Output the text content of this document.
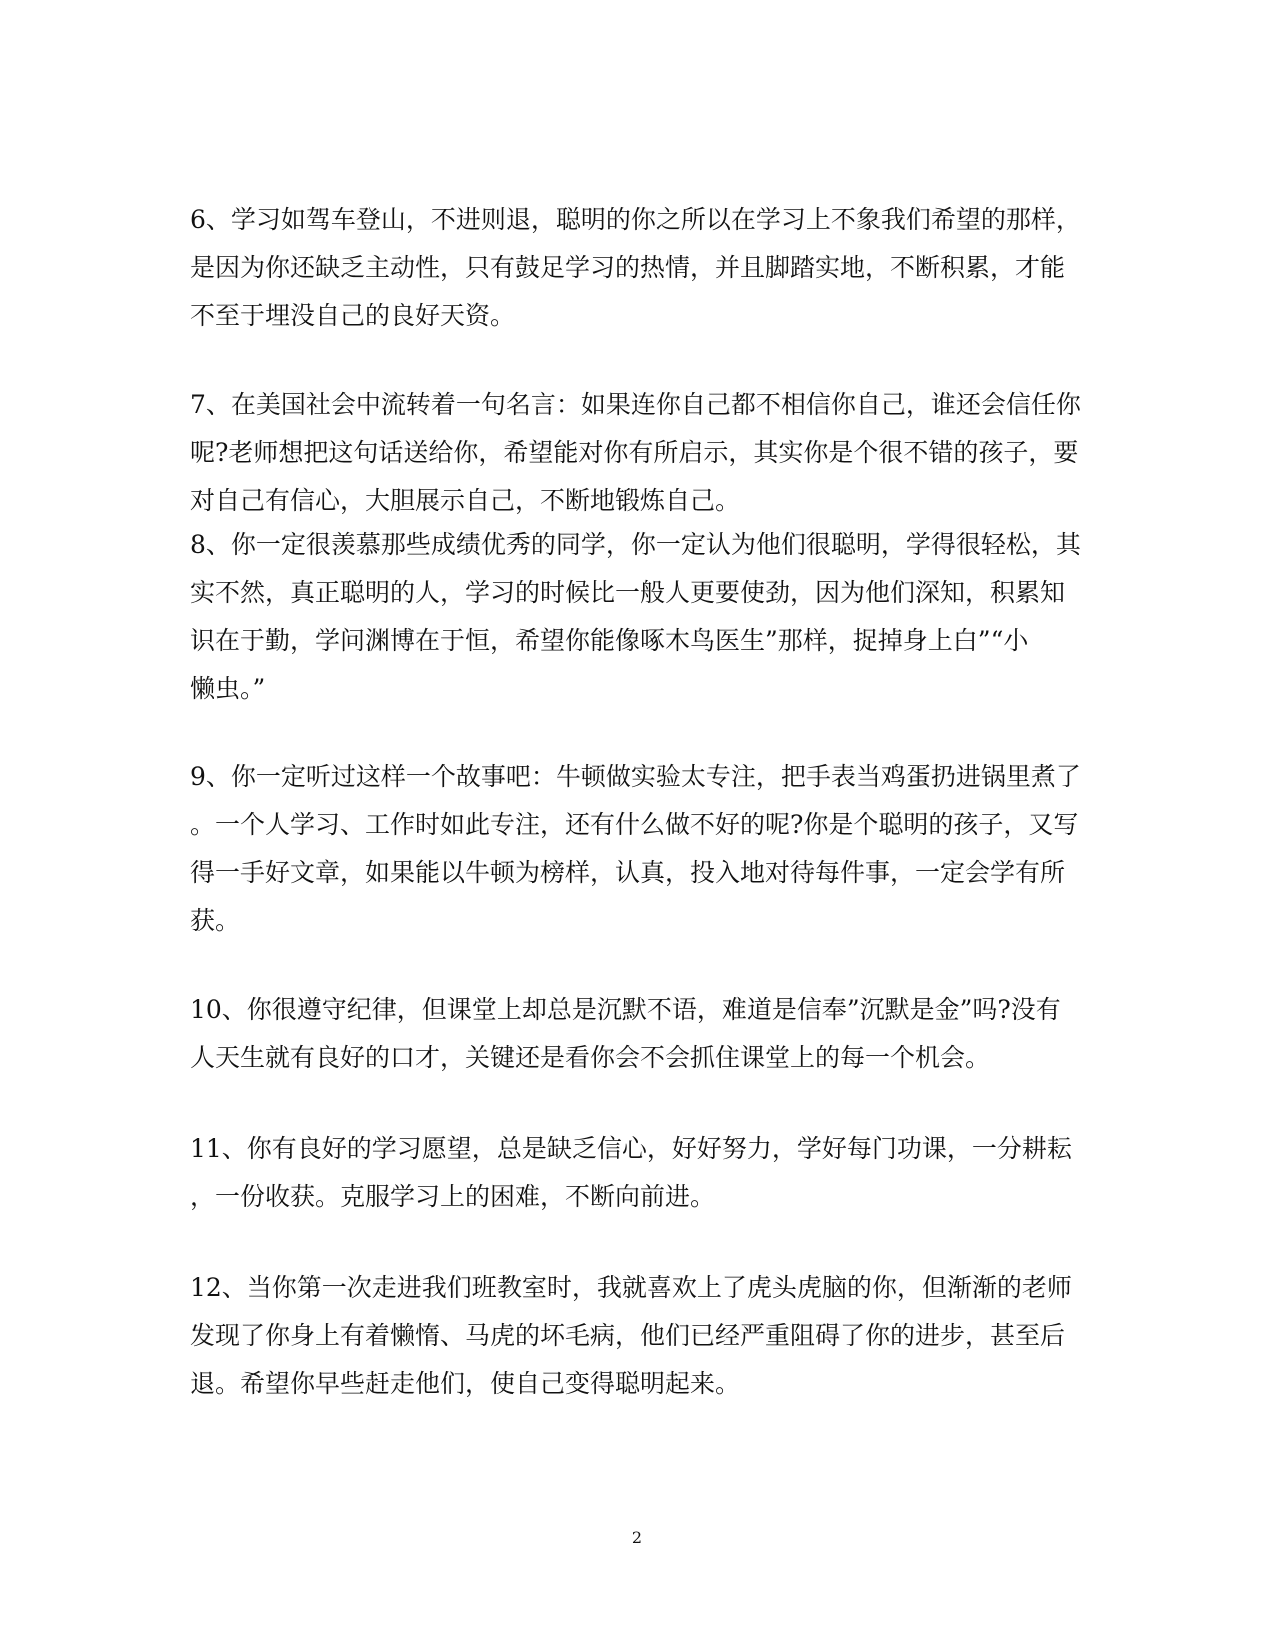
6、学习如驾车登山，不进则退，聪明的你之所以在学习上不象我们希望的那样，
是因为你还缺乏主动性，只有鼓足学习的热情，并且脚踏实地，不断积累，才能
不至于埋没自己的良好天资。
7、在美国社会中流转着一句名言：如果连你自己都不相信你自己，谁还会信任你
呢?老师想把这句话送给你，希望能对你有所启示，其实你是个很不错的孩子，要
对自己有信心，大胆展示自己，不断地锻炼自己。
8、你一定很羡慕那些成绩优秀的同学，你一定认为他们很聪明，学得很轻松，其
实不然，真正聪明的人，学习的时候比一般人更要使劲，因为他们深知，积累知
识在于勤，学问渊博在于恒，希望你能像啄木鸟医生”那样，捉掉身上白”“小
懒虫。”
9、你一定听过这样一个故事吧：牛顿做实验太专注，把手表当鸡蛋扔进锅里煮了
。一个人学习、工作时如此专注，还有什么做不好的呢?你是个聪明的孩子，又写
得一手好文章，如果能以牛顿为榜样，认真，投入地对待每件事，一定会学有所
获。
10、你很遵守纪律，但课堂上却总是沉默不语，难道是信奉”沉默是金”吗?没有
人天生就有良好的口才，关键还是看你会不会抓住课堂上的每一个机会。
11、你有良好的学习愿望，总是缺乏信心，好好努力，学好每门功课，一分耕耘
，一份收获。克服学习上的困难，不断向前进。
12、当你第一次走进我们班教室时，我就喜欢上了虎头虎脑的你，但渐渐的老师
发现了你身上有着懒惰、马虎的坏毛病，他们已经严重阻碍了你的进步，甚至后
退。希望你早些赶走他们，使自己变得聪明起来。
2
